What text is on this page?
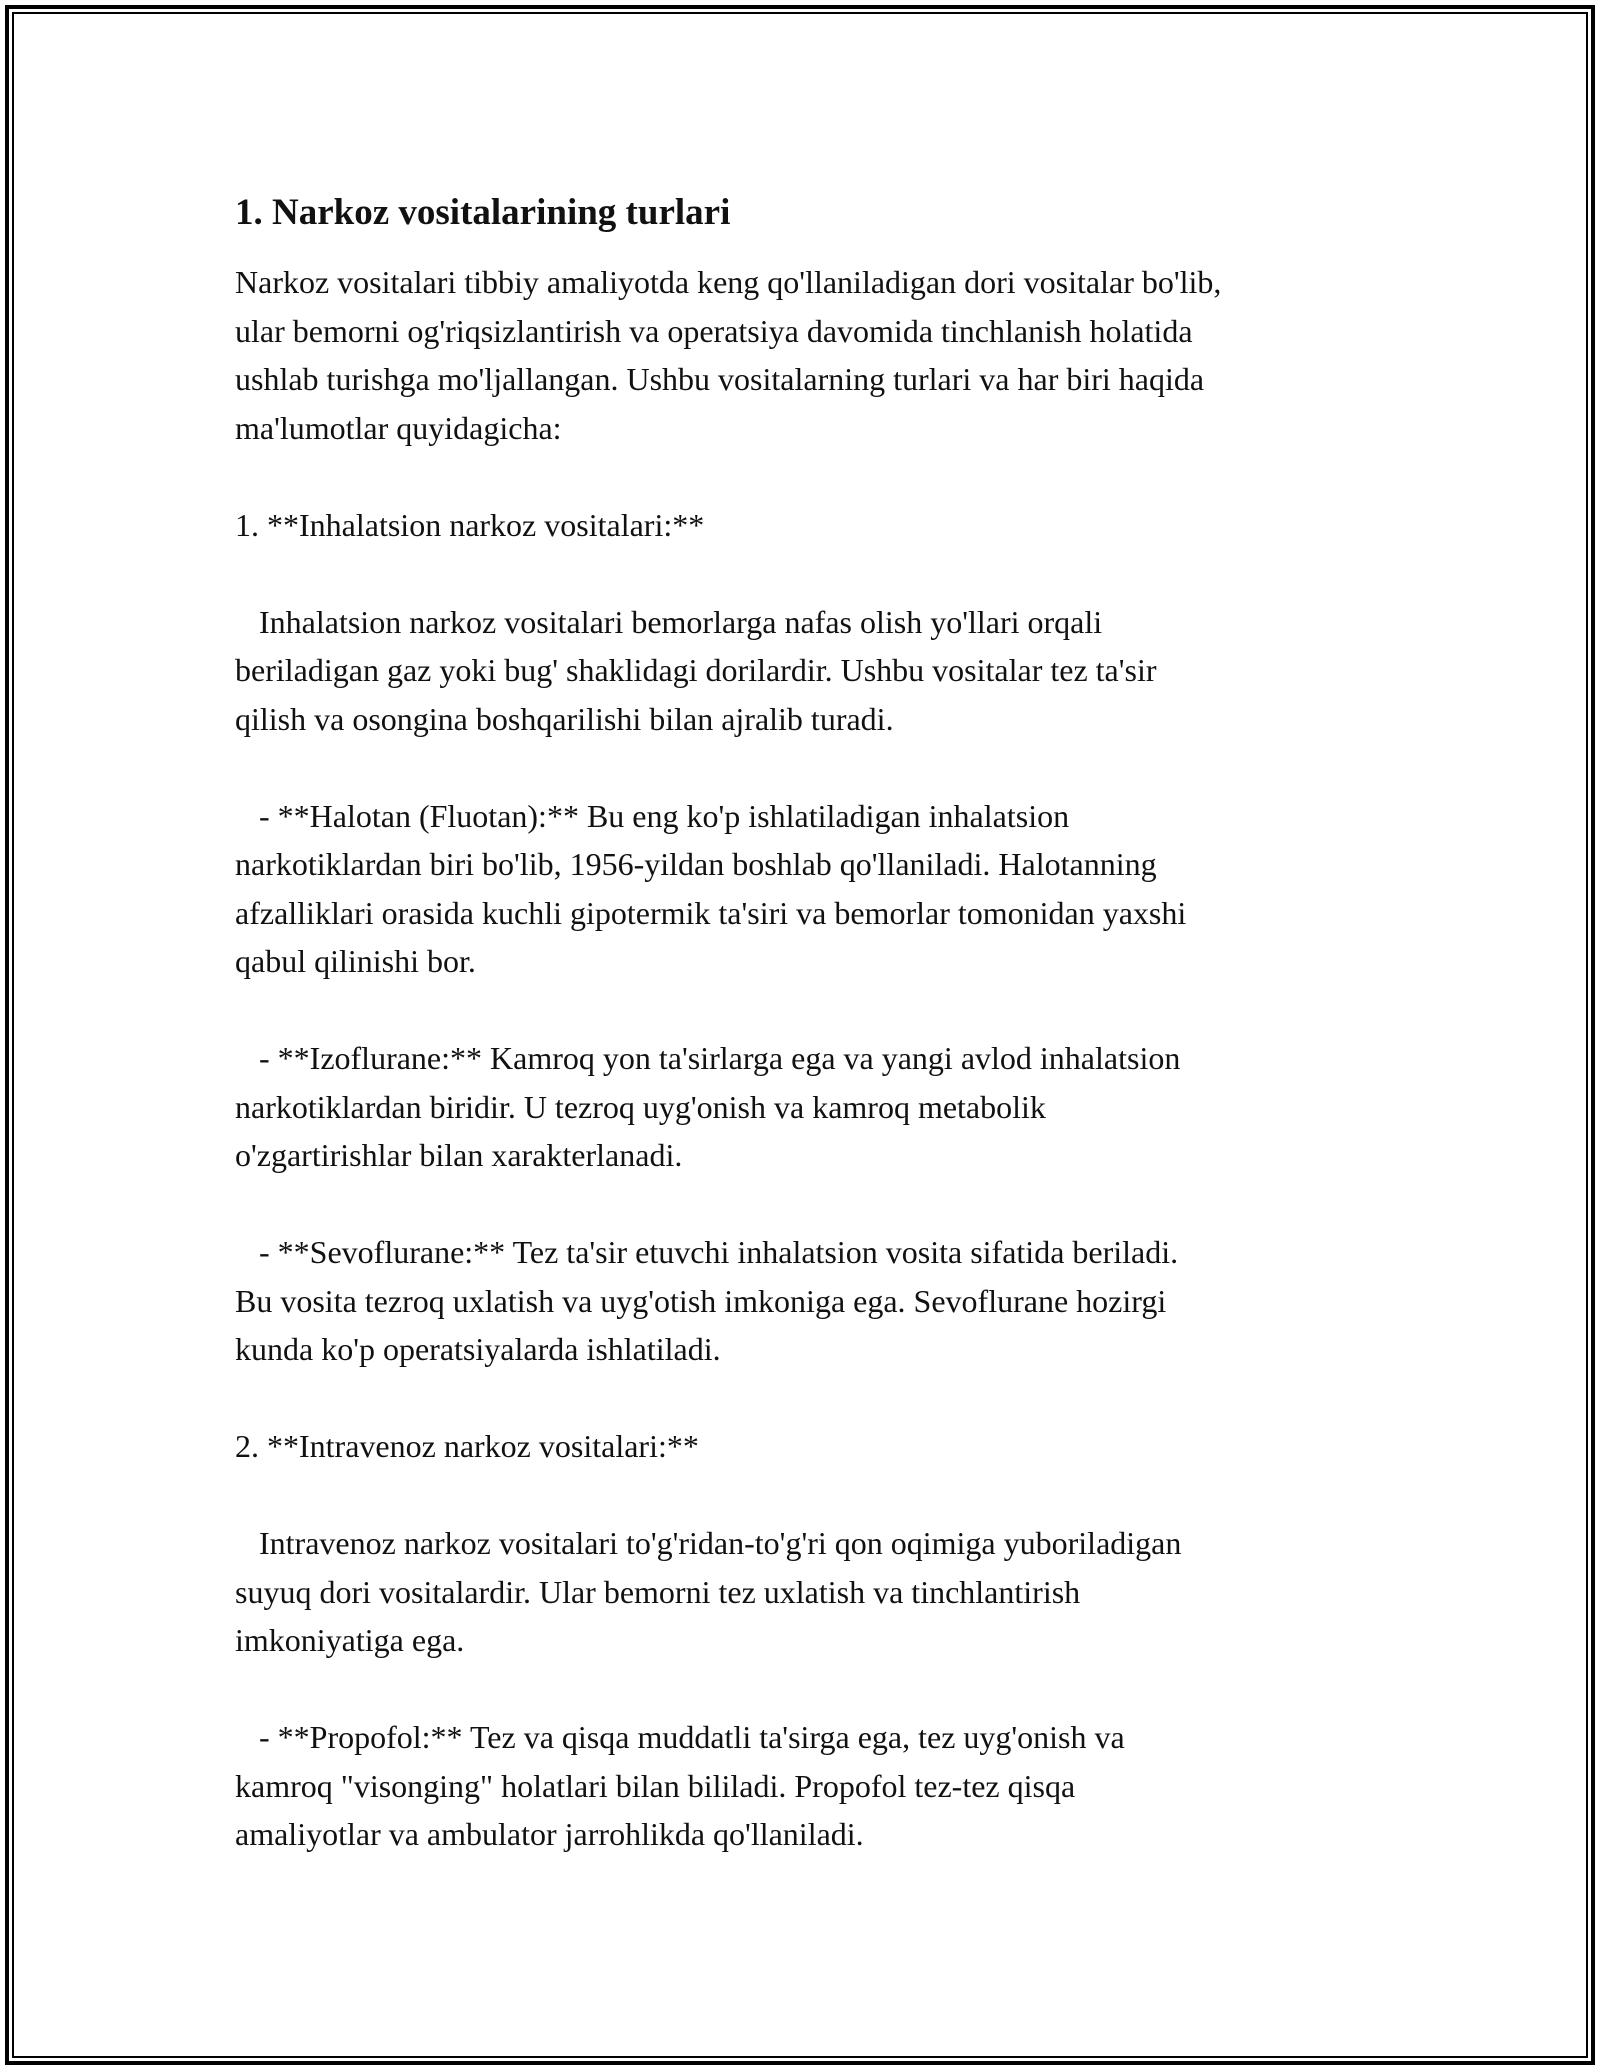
1. Narkoz vositalarining turlari

Narkoz vositalari tibbiy amaliyotda keng qo'llaniladigan dori vositalar bo'lib,
ular bemorni og'riqsizlantirish va operatsiya davomida tinchlanish holatida
ushlab turishga mo'ljallangan. Ushbu vositalarning turlari va har biri haqida
ma'lumotlar quyidagicha:

1. **Inhalatsion narkoz vositalari:**

Inhalatsion narkoz vositalari bemorlarga nafas olish yo'llari orqali
beriladigan gaz yoki bug' shaklidagi dorilardir. Ushbu vositalar tez ta'sir
qilish va osongina boshqarilishi bilan ajralib turadi.

- **Halotan (Fluotan):** Bu eng ko'p ishlatiladigan inhalatsion
narkotiklardan biri bo'lib, 1956-yildan boshlab qo'llaniladi. Halotanning
afzalliklari orasida kuchli gipotermik ta'siri va bemorlar tomonidan yaxshi
qabul qilinishi bor.

- **Izoflurane:** Kamroq yon ta'sirlarga ega va yangi avlod inhalatsion
narkotiklardan biridir. U tezroq uyg'onish va kamroq metabolik
o'zgartirishlar bilan xarakterlanadi.

- **Sevoflurane:** Tez ta'sir etuvchi inhalatsion vosita sifatida beriladi.
Bu vosita tezroq uxlatish va uyg'otish imkoniga ega. Sevoflurane hozirgi
kunda ko'p operatsiyalarda ishlatiladi.

2. **Intravenoz narkoz vositalari:**

Intravenoz narkoz vositalari to'g'ridan-to'g'ri qon oqimiga yuboriladigan
suyuq dori vositalardir. Ular bemorni tez uxlatish va tinchlantirish
imkoniyatiga ega.

- **Propofol:** Tez va qisqa muddatli ta'sirga ega, tez uyg'onish va
kamroq "visonging" holatlari bilan bililadi. Propofol tez-tez qisqa
amaliyotlar va ambulator jarrohlikda qo'llaniladi.
